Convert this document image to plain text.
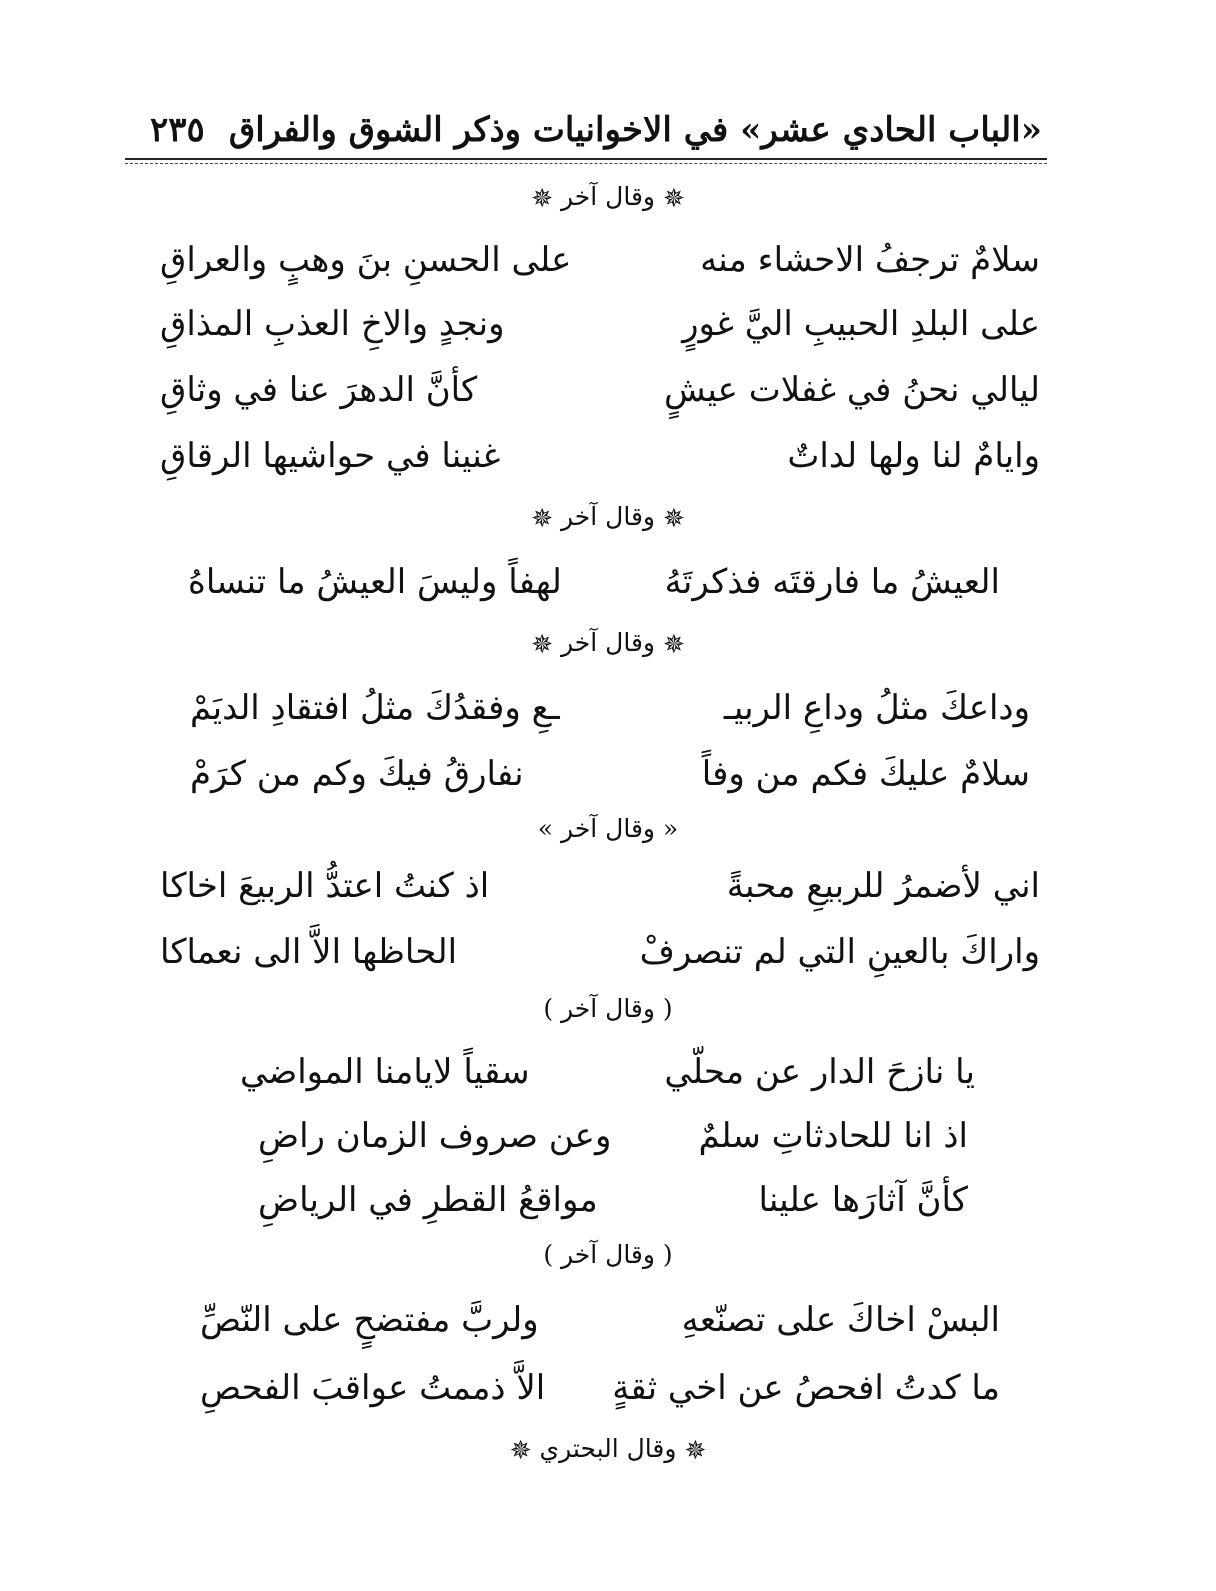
«الباب الحادي عشر» في الاخوانيات وذكر الشوق والفراق
٢٣٥
✵وقال آخر✵
سلامٌ ترجفُ الاحشاء منه
على الحسنِ بنَ وهبٍ والعراقِ
على البلدِ الحبيبِ اليَّ غورٍ
ونجدٍ والاخِ العذبِ المذاقِ
ليالي نحنُ في غفلات عيشٍ
كأنَّ الدهرَ عنا في وثاقِ
وايامٌ لنا ولها لداتٌ
غنينا في حواشيها الرقاقِ
✵وقال آخر✵
العيشُ ما فارقتَه فذكرتَهُ
لهفاً وليسَ العيشُ ما تنساهُ
✵وقال آخر✵
وداعكَ مثلُ وداعِ الربيـ
ـعِ وفقدُكَ مثلُ افتقادِ الديَمْ
سلامٌ عليكَ فكم من وفاً
نفارقُ فيكَ وكم من كرَمْ
« وقال آخر »
اني لأضمرُ للربيعِ محبةً
اذ كنتُ اعتدُّ الربيعَ اخاكا
واراكَ بالعينِ التي لم تنصرفْ
الحاظها الاَّ الى نعماكا
( وقال آخر )
يا نازحَ الدار عن محلّي
سقياً لايامنا المواضي
اذ انا للحادثاتِ سلمٌ
وعن صروف الزمان راضِ
كأنَّ آثارَها علينا
مواقعُ القطرِ في الرياضِ
( وقال آخر )
البسْ اخاكَ على تصنّعهِ
ولربَّ مفتضحٍ على النّصِّ
ما كدتُ افحصُ عن اخي ثقةٍ
الاَّ ذممتُ عواقبَ الفحصِ
✵وقال البحتري✵
